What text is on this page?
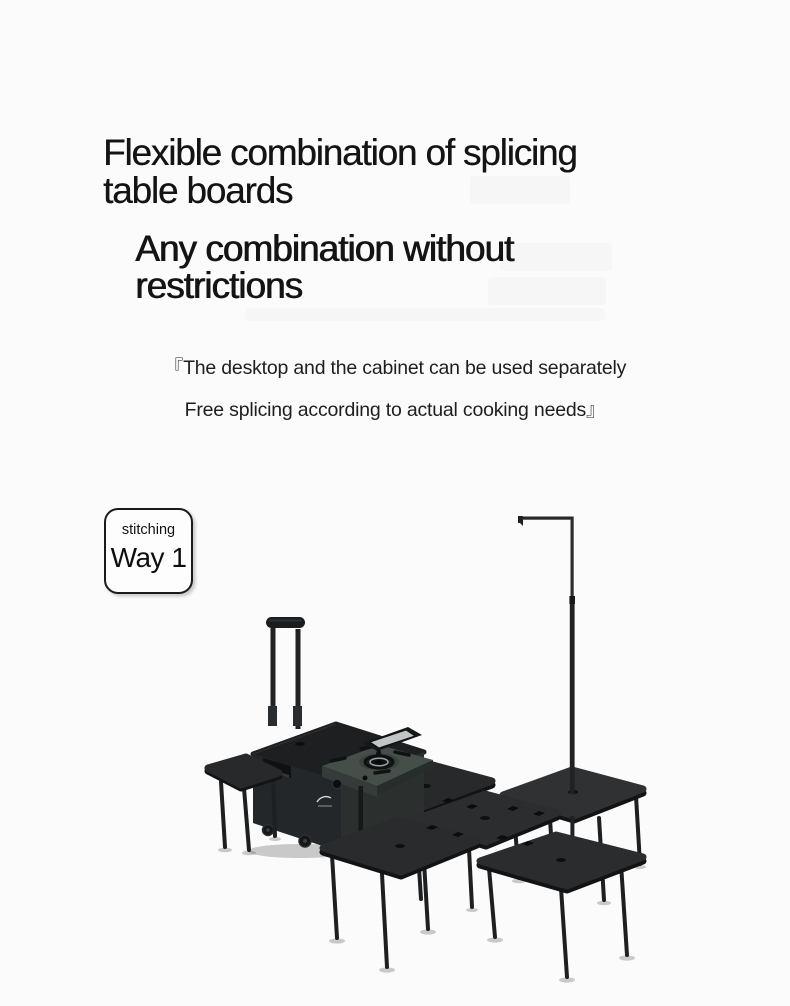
Flexible combination of splicing
table boards
Any combination without
restrictions
『The desktop and the cabinet can be used separately
Free splicing according to actual cooking needs』
stitching
Way 1
